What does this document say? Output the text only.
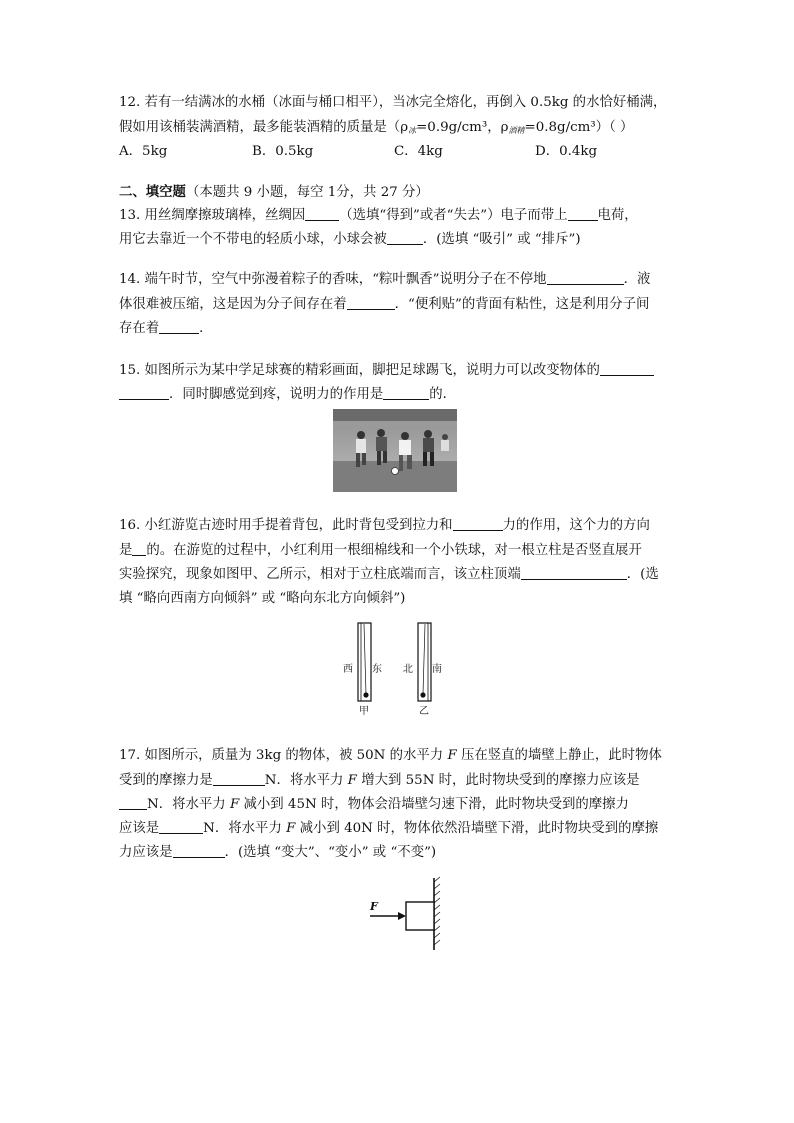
12. 若有一结满冰的水桶（冰面与桶口相平），当冰完全熔化，再倒入 0.5kg 的水恰好桶满，
假如用该桶装满酒精，最多能装酒精的质量是（$\rho_冰=0.9g$/cm³，$\rho_{酒精}=0.8g/cm^3$）（ ）
A．5kg	B．0.5kg	C．4kg	D．0.4kg
二、填空题（本题共 9 小题，每空 1分，共 27 分）
13. 用丝绸摩擦玻璃棒，丝绸因	（选填“得到”或者“失去”）电子而带上 电荷，
用它去靠近一个不带电的轻质小球，小球会被	．(选填 “吸引” 或 “排斥”)
14. 端午时节，空气中弥漫着粽子的香味，“粽叶飘香”说明分子在不停地	．液
体很难被压缩，这是因为分子间存在着	．“便利贴”的背面有粘性，这是利用分子间
存在着	．
15. 如图所示为某中学足球赛的精彩画面，脚把足球踢飞，说明力可以改变物体的
．同时脚感觉到疼，说明力的作用是	的．
16. 小红游览古迹时用手提着背包，此时背包受到拉力和	力的作用，这个力的方向
是 的。在游览的过程中，小红利用一根细棉线和一个小铁球，对一根立柱是否竖直展开
实验探究，现象如图甲、乙所示，相对于立柱底端而言，该立柱顶端	．(选
填 “略向西南方向倾斜” 或 “略向东北方向倾斜”)
西 东 北 南
甲	乙
17. 如图所示，质量为 3kg 的物体，被 50N 的水平力 F 压在竖直的墙壁上静止，此时物体
受到的摩擦力是	N．将水平力 F 增大到 55N 时，此时物块受到的摩擦力应该是
N．将水平力 F 减小到 45N 时，物体会沿墙壁匀速下滑，此时物块受到的摩擦力
应该是	N．将水平力 F 减小到 40N 时，物体依然沿墙壁下滑，此时物块受到的摩擦
力应该是	．(选填 “变大”、“变小” 或 “不变”)
F
